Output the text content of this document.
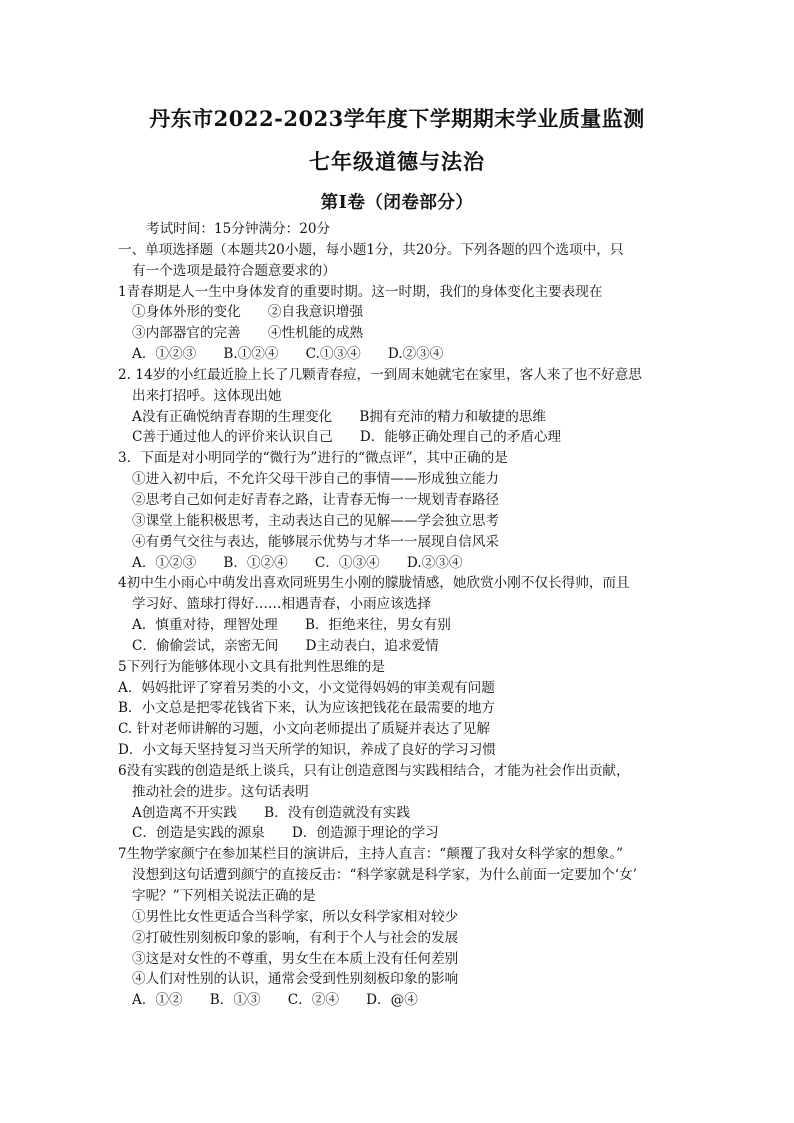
丹东市2022-2023学年度下学期期末学业质量监测
七年级道德与法治
第Ⅰ卷（闭卷部分）
考试时间：15分钟满分：20分
一、单项选择题（本题共20小题，每小题1分，共20分。下列各题的四个选项中，只
有一个选项是最符合题意要求的）
1青春期是人一生中身体发育的重要时期。这一时期，我们的身体变化主要表现在
①身体外形的变化　　②自我意识增强
③内部器官的完善　　④性机能的成熟
A．①②③　　B.①②④　　C.①③④　　D.②③④
2. 14岁的小红最近脸上长了几颗青春痘，一到周末她就宅在家里，客人来了也不好意思
出来打招呼。这体现出她
A没有正确悦纳青春期的生理变化　　B拥有充沛的精力和敏捷的思维
C善于通过他人的评价来认识自己　　D．能够正确处理自己的矛盾心理
3．下面是对小明同学的“微行为”进行的“微点评”，其中正确的是
①进入初中后，不允许父母干涉自己的事情——形成独立能力
②思考自己如何走好青春之路，让青春无悔一一规划青春路径
③课堂上能积极思考，主动表达自己的见解——学会独立思考
④有勇气交往与表达，能够展示优势与才华一一展现自信风采
A．①②③　　B．①②④　　C．①③④　　D.②③④
4初中生小雨心中萌发出喜欢同班男生小刚的朦胧情感，她欣赏小刚不仅长得帅，而且
学习好、篮球打得好……相遇青春，小雨应该选择
A．慎重对待，理智处理　　B．拒绝来往，男女有别
C．偷偷尝试，亲密无间　　D主动表白，追求爱情
5下列行为能够体现小文具有批判性思维的是
A．妈妈批评了穿着另类的小文，小文觉得妈妈的审美观有问题
B．小文总是把零花钱省下来，认为应该把钱花在最需要的地方
C. 针对老师讲解的习题，小文向老师提出了质疑并表达了见解
D．小文每天坚持复习当天所学的知识，养成了良好的学习习惯
6没有实践的创造是纸上谈兵，只有让创造意图与实践相结合，才能为社会作出贡献，
推动社会的进步。这句话表明
A创造离不开实践　　B．没有创造就没有实践
C．创造是实践的源泉　　D．创造源于理论的学习
7生物学家颜宁在参加某栏目的演讲后，主持人直言：“颠覆了我对女科学家的想象。”
没想到这句话遭到颜宁的直接反击：“科学家就是科学家，为什么前面一定要加个‘女’
字呢？”下列相关说法正确的是
①男性比女性更适合当科学家，所以女科学家相对较少
②打破性别刻板印象的影响，有利于个人与社会的发展
③这是对女性的不尊重，男女生在本质上没有任何差别
④人们对性别的认识，通常会受到性别刻板印象的影响
A．①②　　B．①③　　C．②④　　D．@④
